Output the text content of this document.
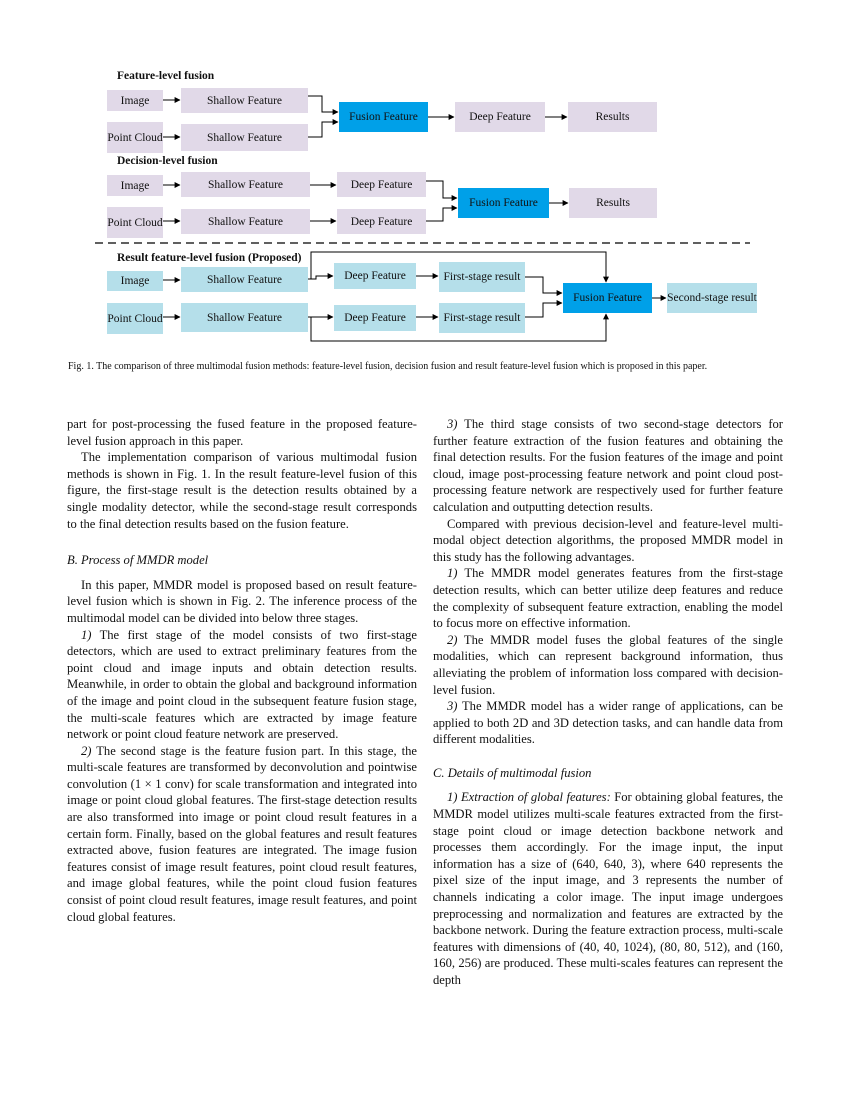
Feature-level fusion
Image
Point Cloud
Shallow Feature
Shallow Feature
Fusion Feature	Deep Feature	Results
Decision-level fusion
Image
Point Cloud
Shallow Feature
Shallow Feature
Deep Feature
Deep Feature
Fusion Feature	Results
Result feature-level fusion (Proposed)
Image
Point Cloud
Shallow Feature
Shallow Feature
Deep Feature
Deep Feature
First-stage result
First-stage result
Fusion Feature	Second-stage result
Fig. 1. The comparison of three multimodal fusion methods: feature-level fusion, decision fusion and result feature-level fusion which is proposed in this paper.

part for post-processing the fused feature in the proposed feature-level fusion approach in this paper.

The implementation comparison of various multimodal fusion methods is shown in Fig. 1. In the result feature-level fusion of this figure, the first-stage result is the detection results obtained by a single modality detector, while the second-stage result corresponds to the final detection results based on the fusion feature.

B. Process of MMDR model

In this paper, MMDR model is proposed based on result feature-level fusion which is shown in Fig. 2. The inference process of the multimodal model can be divided into below three stages.

1) The first stage of the model consists of two first-stage detectors, which are used to extract preliminary features from the point cloud and image inputs and obtain detection results. Meanwhile, in order to obtain the global and background information of the image and point cloud in the subsequent feature fusion stage, the multi-scale features which are extracted by image feature network or point cloud feature network are preserved.

2) The second stage is the feature fusion part. In this stage, the multi-scale features are transformed by deconvolution and pointwise convolution (1 × 1 conv) for scale transformation and integrated into image or point cloud global features. The first-stage detection results are also transformed into image or point cloud result features in a certain form. Finally, based on the global features and result features extracted above, fusion features are integrated. The image fusion features consist of image result features, point cloud result features, and image global features, while the point cloud fusion features consist of point cloud result features, image result features, and point cloud global features.

3) The third stage consists of two second-stage detectors for further feature extraction of the fusion features and obtaining the final detection results. For the fusion features of the image and point cloud, image post-processing feature network and point cloud post-processing feature network are respectively used for further feature calculation and outputting detection results.

Compared with previous decision-level and feature-level multi-modal object detection algorithms, the proposed MMDR model in this study has the following advantages.

1) The MMDR model generates features from the first-stage detection results, which can better utilize deep features and reduce the complexity of subsequent feature extraction, enabling the model to focus more on effective information.

2) The MMDR model fuses the global features of the single modalities, which can represent background information, thus alleviating the problem of information loss compared with decision-level fusion.

3) The MMDR model has a wider range of applications, can be applied to both 2D and 3D detection tasks, and can handle data from different modalities.

C. Details of multimodal fusion

1) Extraction of global features: For obtaining global features, the MMDR model utilizes multi-scale features extracted from the first-stage point cloud or image detection backbone network and processes them accordingly. For the image input, the input information has a size of (640, 640, 3), where 640 represents the pixel size of the input image, and 3 represents the number of channels indicating a color image. The input image undergoes preprocessing and normalization and features are extracted by the backbone network. During the feature extraction process, multi-scale features with dimensions of (40, 40, 1024), (80, 80, 512), and (160, 160, 256) are produced. These multi-scales features can represent the depth
